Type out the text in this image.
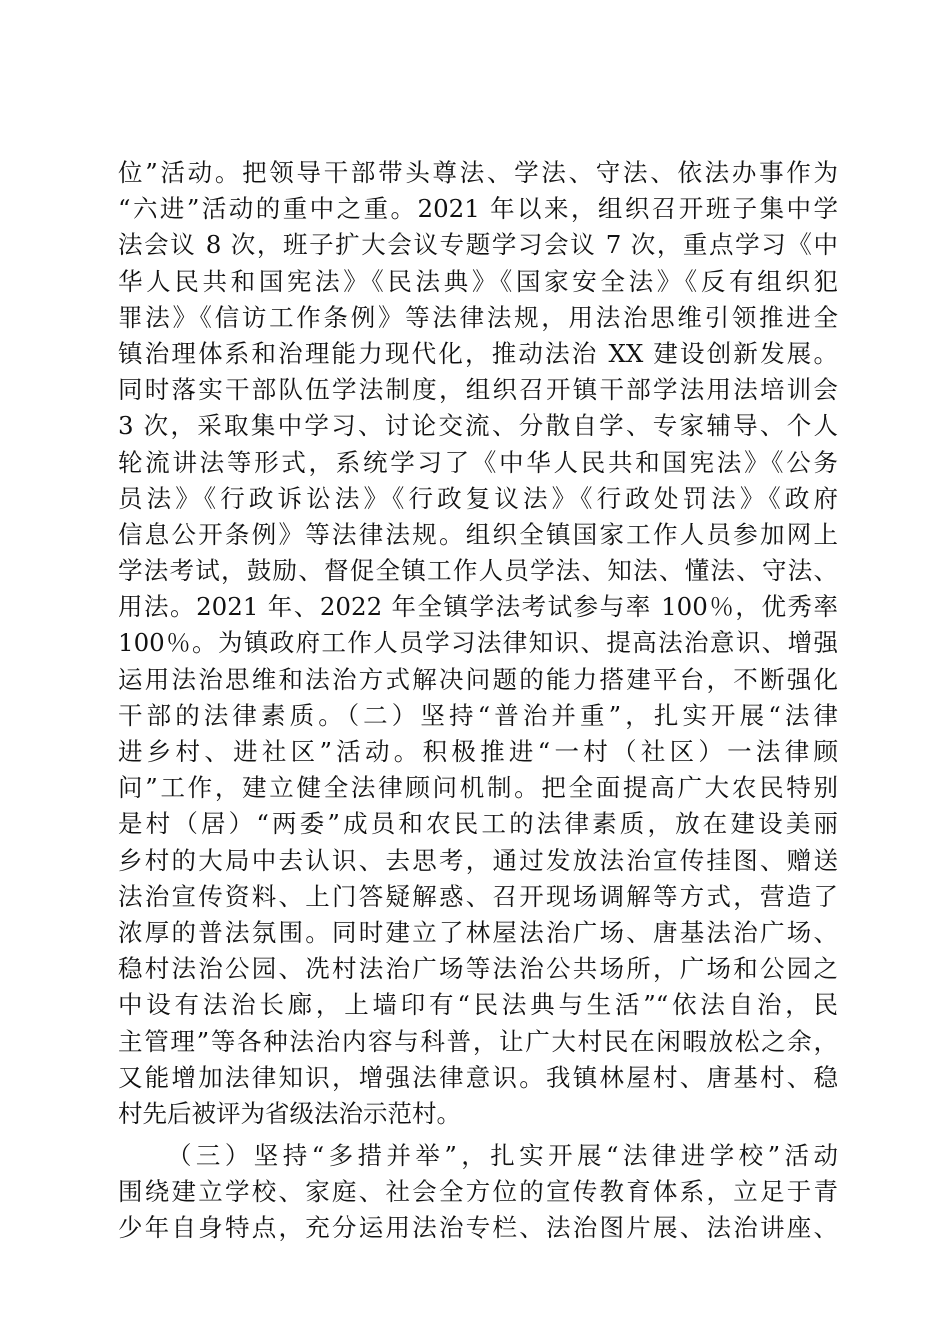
位”活动。把领导干部带头尊法、学法、守法、依法办事作为
“六进”活动的重中之重。2021 年以来，组织召开班子集中学
法会议 8 次，班子扩大会议专题学习会议 7 次，重点学习《中
华人民共和国宪法》《民法典》《国家安全法》《反有组织犯
罪法》《信访工作条例》等法律法规，用法治思维引领推进全
镇治理体系和治理能力现代化，推动法治 XX 建设创新发展。
同时落实干部队伍学法制度，组织召开镇干部学法用法培训会
3 次，采取集中学习、讨论交流、分散自学、专家辅导、个人
轮流讲法等形式，系统学习了《中华人民共和国宪法》《公务
员法》《行政诉讼法》《行政复议法》《行政处罚法》《政府
信息公开条例》等法律法规。组织全镇国家工作人员参加网上
学法考试，鼓励、督促全镇工作人员学法、知法、懂法、守法、
用法。2021 年、2022 年全镇学法考试参与率 100％，优秀率
100％。为镇政府工作人员学习法律知识、提高法治意识、增强
运用法治思维和法治方式解决问题的能力搭建平台，不断强化
干部的法律素质。（二）坚持“普治并重”，扎实开展“法律
进乡村、进社区”活动。积极推进“一村（社区）一法律顾
问”工作，建立健全法律顾问机制。把全面提高广大农民特别
是村（居）“两委”成员和农民工的法律素质，放在建设美丽
乡村的大局中去认识、去思考，通过发放法治宣传挂图、赠送
法治宣传资料、上门答疑解惑、召开现场调解等方式，营造了
浓厚的普法氛围。同时建立了林屋法治广场、唐基法治广场、
稳村法治公园、冼村法治广场等法治公共场所，广场和公园之
中设有法治长廊，上墙印有“民法典与生活”“依法自治，民
主管理”等各种法治内容与科普，让广大村民在闲暇放松之余，
又能增加法律知识，增强法律意识。我镇林屋村、唐基村、稳
村先后被评为省级法治示范村。
（三）坚持“多措并举”，扎实开展“法律进学校”活动
围绕建立学校、家庭、社会全方位的宣传教育体系，立足于青
少年自身特点，充分运用法治专栏、法治图片展、法治讲座、
